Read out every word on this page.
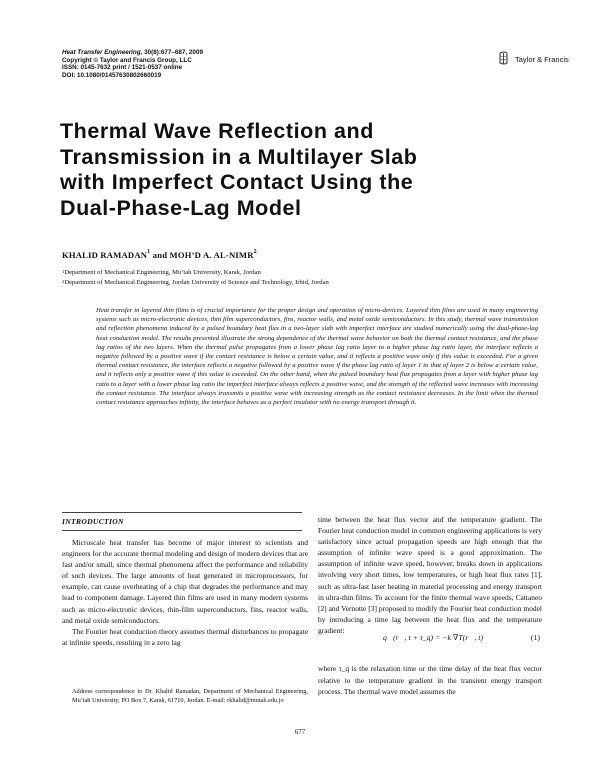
Heat Transfer Engineering, 30(8):677–687, 2009
Copyright © Taylor and Francis Group, LLC
ISSN: 0145-7632 print / 1521-0537 online
DOI: 10.1080/01457630802660019
Taylor & Francis
Thermal Wave Reflection and
Transmission in a Multilayer Slab
with Imperfect Contact Using the
Dual-Phase-Lag Model
KHALID RAMADAN$^1$ and MOH’D A. AL-NIMR$^2$
$^1$Department of Mechanical Engineering, Mu’tah University, Karak, Jordan
$^2$Department of Mechanical Engineering, Jordan University of Science and Technology, Irbid, Jordan

Heat transfer in layered thin films is of crucial importance for the proper design and operation of micro-devices. Layered thin films are used in many engineering systems such as micro-electronic devices, thin film superconductors, fins, reactor walls, and metal oxide semiconductors. In this study, thermal wave transmission and reflection phenomena induced by a pulsed boundary heat flux in a two-layer slab with imperfect interface are studied numerically using the dual-phase-lag heat conduction model. The results presented illustrate the strong dependence of the thermal wave behavior on both the thermal contact resistance, and the phase lag ratios of the two layers. When the thermal pulse propagates from a lower phase lag ratio layer to a higher phase lag ratio layer, the interface reflects a negative followed by a positive wave if the contact resistance is below a certain value, and it reflects a positive wave only if this value is exceeded. For a given thermal contact resistance, the interface reflects a negative followed by a positive wave if the phase lag ratio of layer 1 to that of layer 2 is below a certain value, and it reflects only a positive wave if this value is exceeded. On the other hand, when the pulsed boundary heat flux propagates from a layer with higher phase lag ratio to a layer with a lower phase lag ratio the imperfect interface always reflects a positive wave, and the strength of the reflected wave increases with increasing the contact resistance. The interface always transmits a positive wave with increasing strength as the contact resistance decreases. In the limit when the thermal contact resistance approaches infinity, the interface behaves as a perfect insulator with no energy transport through it.

INTRODUCTION

Microscale heat transfer has become of major interest to scientists and engineers for the accurate thermal modeling and design of modern devices that are fast and/or small, since thermal phenomena affect the performance and reliability of such devices. The large amounts of heat generated in microprocessors, for example, can cause overheating of a chip that degrades the performance and may lead to component damage. Layered thin films are used in many modern systems such as micro-electronic devices, thin-film superconductors, fins, reactor walls, and metal oxide semiconductors.

The Fourier heat conduction theory assumes thermal disturbances to propagate at infinite speeds, resulting in a zero lag

Address correspondence to Dr. Khalid Ramadan, Department of Mechanical Engineering, Mu’tah University, PO Box 7, Karak, 61710, Jordan. E-mail: rkhalid@mutah.edu.jo

time between the heat flux vector and the temperature gradient. The Fourier heat conduction model in common engineering applications is very satisfactory since actual propagation speeds are high enough that the assumption of infinite wave speed is a good approximation. The assumption of infinite wave speed, however, breaks down in applications involving very short times, low temperatures, or high heat flux rates [1], such as ultra-fast laser heating in material processing and energy transport in ultra-thin films. To account for the finite thermal wave speeds, Cattaneo [2] and Vernotte [3] proposed to modify the Fourier heat conduction model by introducing a time lag between the heat flux and the temperature gradient:

q⃗(r⃗, t + τ_q) = −k ∇T(r⃗, t)	(1)

where τ_q is the relaxation time or the time delay of the heat flux vector relative to the temperature gradient in the transient energy transport process. The thermal wave model assumes the

677
